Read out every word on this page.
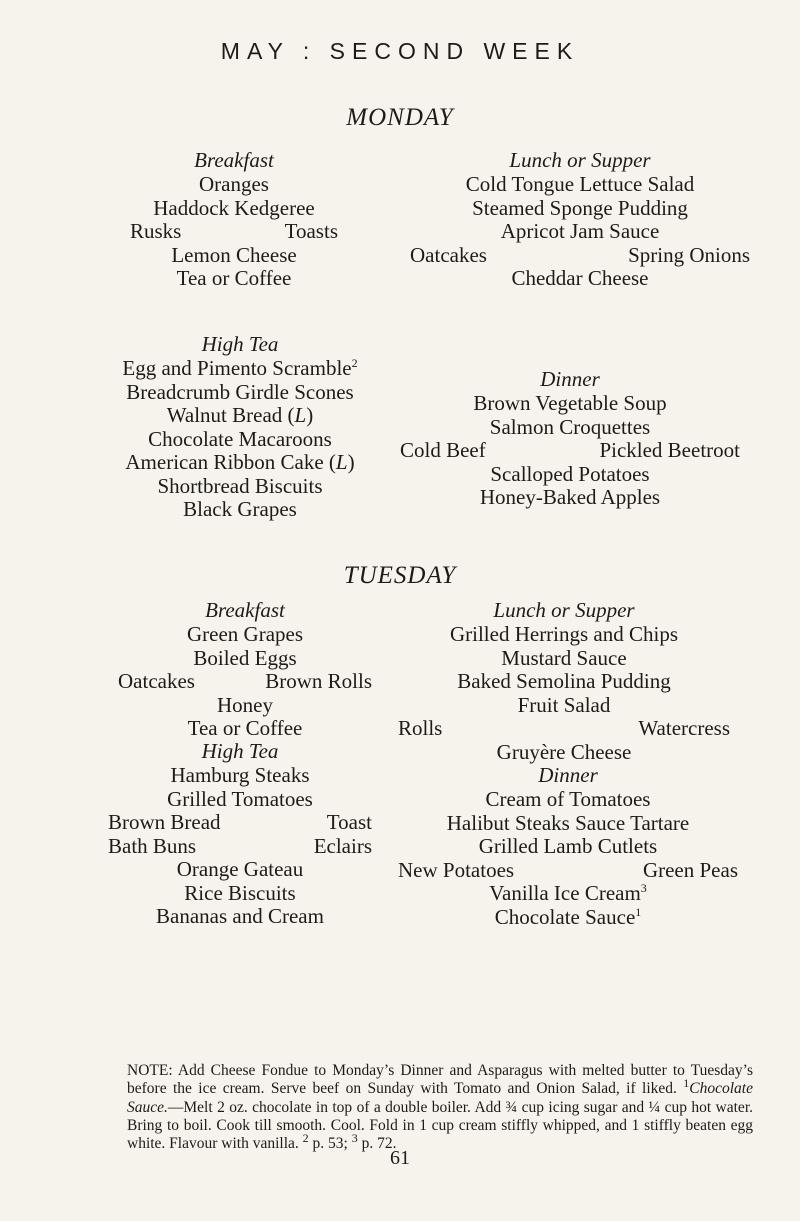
MAY : SECOND WEEK
MONDAY
Breakfast
Oranges
Haddock Kedgeree
Rusks	Toasts
Lemon Cheese
Tea or Coffee
Lunch or Supper
Cold Tongue Lettuce Salad
Steamed Sponge Pudding
Apricot Jam Sauce
Oatcakes	Spring Onions
Cheddar Cheese
High Tea
Egg and Pimento Scramble$^2$
Breadcrumb Girdle Scones
Walnut Bread (L)
Chocolate Macaroons
American Ribbon Cake (L)
Shortbread Biscuits
Black Grapes
Dinner
Brown Vegetable Soup
Salmon Croquettes
Cold Beef	Pickled Beetroot
Scalloped Potatoes
Honey-Baked Apples
TUESDAY
Breakfast
Green Grapes
Boiled Eggs
Oatcakes	Brown Rolls
Honey
Tea or Coffee
High Tea
Hamburg Steaks
Grilled Tomatoes
Brown Bread	Toast
Bath Buns	Eclairs
Orange Gateau
Rice Biscuits
Bananas and Cream
Lunch or Supper
Grilled Herrings and Chips
Mustard Sauce
Baked Semolina Pudding
Fruit Salad
Rolls	Watercress
Gruyère Cheese
Dinner
Cream of Tomatoes
Halibut Steaks Sauce Tartare
Grilled Lamb Cutlets
New Potatoes	Green Peas
Vanilla Ice Cream$^3$
Chocolate Sauce$^1$
NOTE: Add Cheese Fondue to Monday’s Dinner and Asparagus with melted butter to Tuesday’s before the ice cream. Serve beef on Sunday with Tomato and Onion Salad, if liked. $^1$Chocolate Sauce.—Melt 2 oz. chocolate in top of a double boiler. Add ¾ cup icing sugar and ¼ cup hot water. Bring to boil. Cook till smooth. Cool. Fold in 1 cup cream stiffly whipped, and 1 stiffly beaten egg white. Flavour with vanilla. $^2$ p. 53; $^3$ p. 72.
61
